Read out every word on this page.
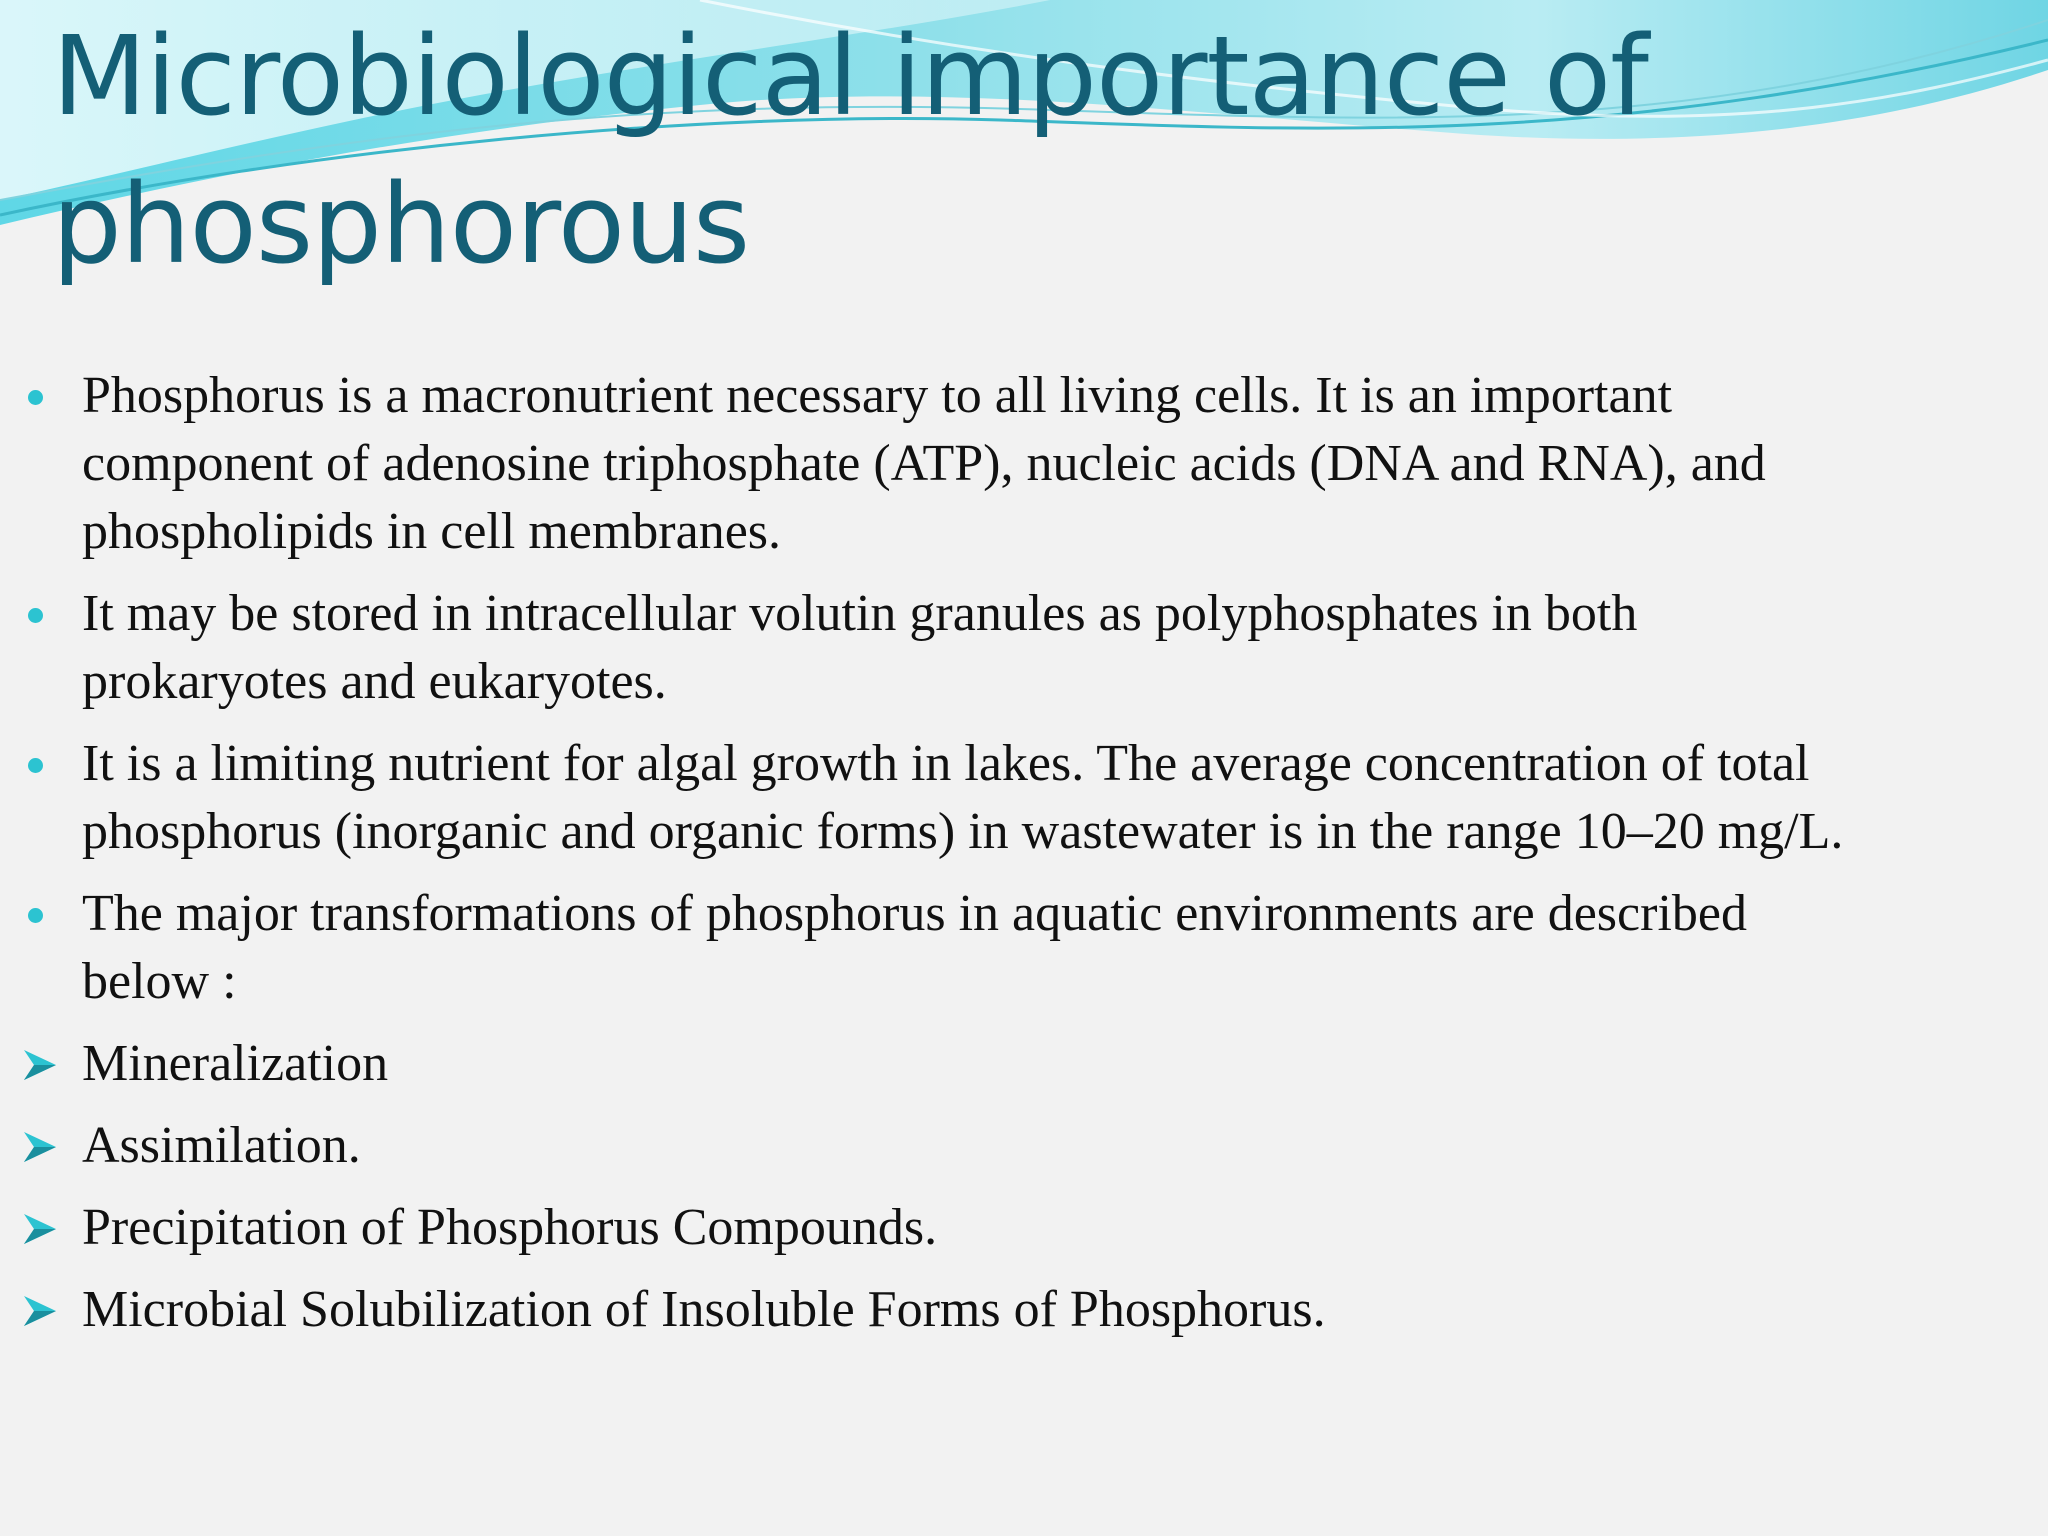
Microbiological importance of
phosphorous
Phosphorus is a macronutrient necessary to all living cells. It is an important
component of adenosine triphosphate (ATP), nucleic acids (DNA and RNA), and
phospholipids in cell membranes.
It may be stored in intracellular volutin granules as polyphosphates in both
prokaryotes and eukaryotes.
It is a limiting nutrient for algal growth in lakes. The average concentration of total
phosphorus (inorganic and organic forms) in wastewater is in the range 10–20 mg/L.
The major transformations of phosphorus in aquatic environments are described
below :
Mineralization
Assimilation.
Precipitation of Phosphorus Compounds.
Microbial Solubilization of Insoluble Forms of Phosphorus.
